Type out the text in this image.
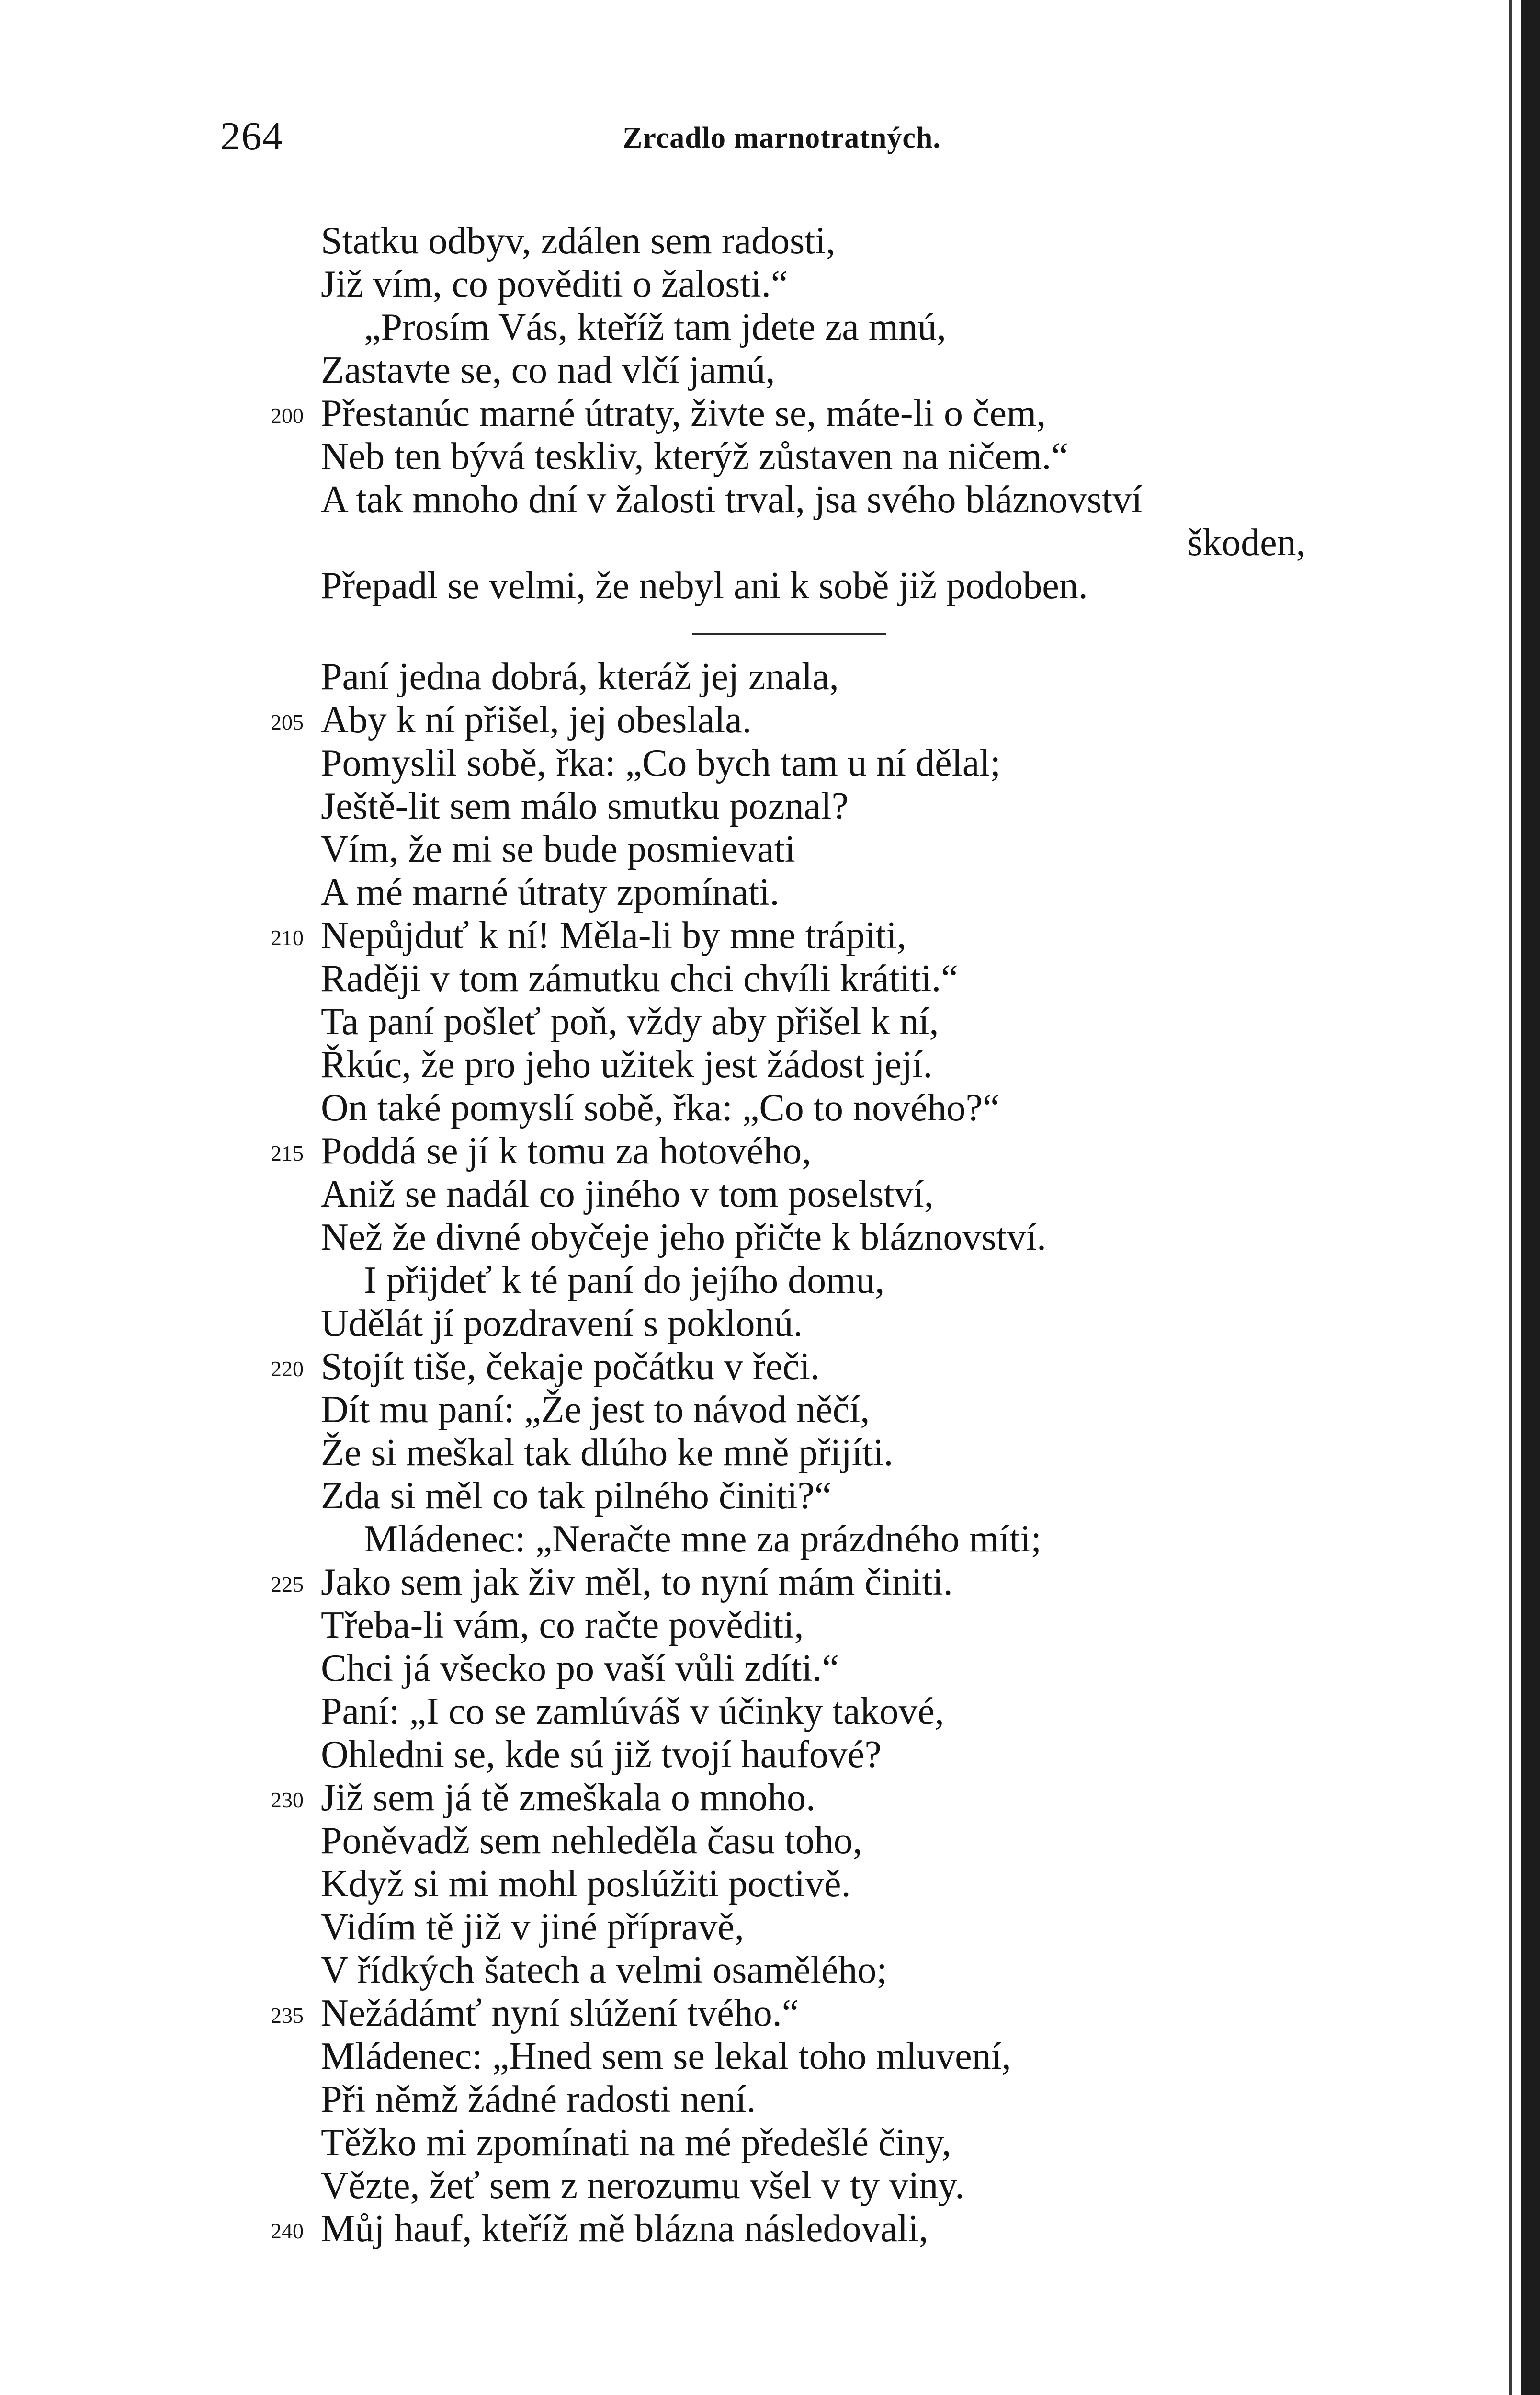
264	Zrcadlo marnotratných.
Statku odbyv, zdálen sem radosti,
Již vím, co pověditi o žalosti.“
„Prosím Vás, kteříž tam jdete za mnú,
Zastavte se, co nad vlčí jamú,
200 Přestanúc marné útraty, živte se, máte-li o čem,
Neb ten bývá teskliv, kterýž zůstaven na ničem.“
A tak mnoho dní v žalosti trval, jsa svého bláznovství
škoden,
Přepadl se velmi, že nebyl ani k sobě již podoben.
Paní jedna dobrá, kteráž jej znala,
205 Aby k ní přišel, jej obeslala.
Pomyslil sobě, řka: „Co bych tam u ní dělal;
Ještě-lit sem málo smutku poznal?
Vím, že mi se bude posmievati
A mé marné útraty zpomínati.
210 Nepůjduť k ní! Měla-li by mne trápiti,
Raději v tom zámutku chci chvíli krátiti.“
Ta paní pošleť poň, vždy aby přišel k ní,
Řkúc, že pro jeho užitek jest žádost její.
On také pomyslí sobě, řka: „Co to nového?“
215 Poddá se jí k tomu za hotového,
Aniž se nadál co jiného v tom poselství,
Než že divné obyčeje jeho přičte k bláznovství.
I přijdeť k té paní do jejího domu,
Udělát jí pozdravení s poklonú.
220 Stojít tiše, čekaje počátku v řeči.
Dít mu paní: „Že jest to návod něčí,
Že si meškal tak dlúho ke mně přijíti.
Zda si měl co tak pilného činiti?“
Mládenec: „Neračte mne za prázdného míti;
225 Jako sem jak živ měl, to nyní mám činiti.
Třeba-li vám, co račte pověditi,
Chci já všecko po vaší vůli zdíti.“
Paní: „I co se zamlúváš v účinky takové,
Ohledni se, kde sú již tvojí haufové?
230 Již sem já tě zmeškala o mnoho.
Poněvadž sem nehleděla času toho,
Když si mi mohl poslúžiti poctivě.
Vidím tě již v jiné přípravě,
V řídkých šatech a velmi osamělého;
235 Nežádámť nyní slúžení tvého.“
Mládenec: „Hned sem se lekal toho mluvení,
Při němž žádné radosti není.
Těžko mi zpomínati na mé předešlé činy,
Vězte, žeť sem z nerozumu všel v ty viny.
240 Můj hauf, kteříž mě blázna následovali,
